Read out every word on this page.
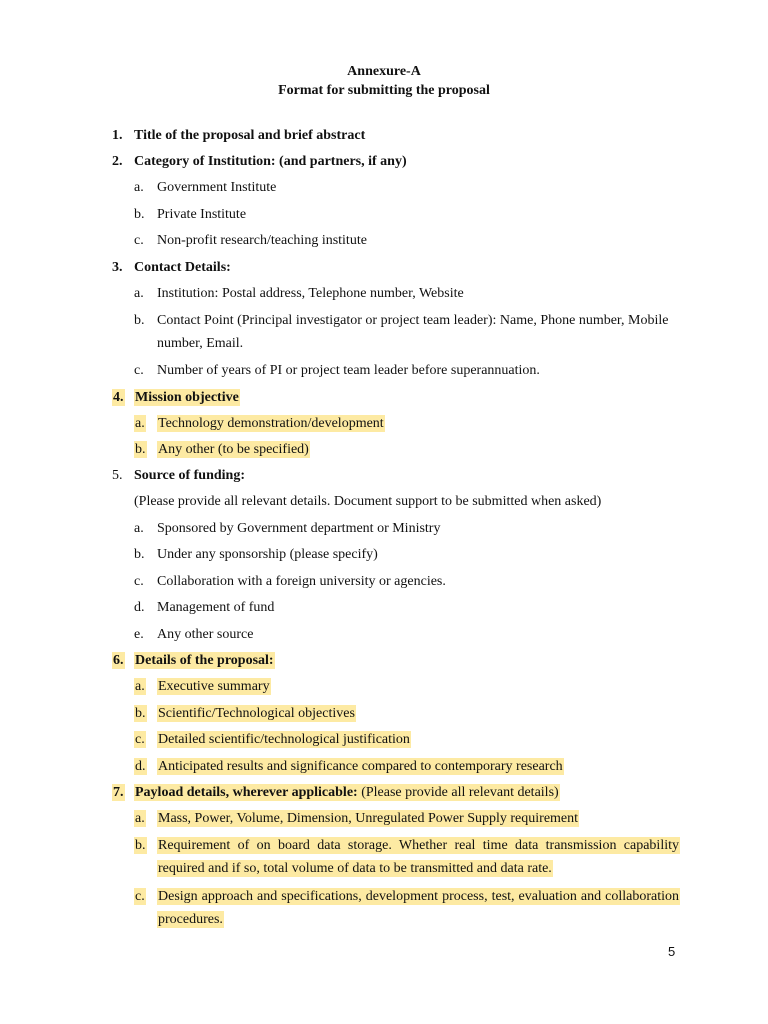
Annexure-A
Format for submitting the proposal
1. Title of the proposal and brief abstract
2. Category of Institution: (and partners, if any)
a. Government Institute
b. Private Institute
c. Non-profit research/teaching institute
3. Contact Details:
a. Institution: Postal address, Telephone number, Website
b. Contact Point (Principal investigator or project team leader): Name, Phone number, Mobile
number, Email.
c. Number of years of PI or project team leader before superannuation.
4. Mission objective
a. Technology demonstration/development
b. Any other (to be specified)
5. Source of funding:
(Please provide all relevant details. Document support to be submitted when asked)
a. Sponsored by Government department or Ministry
b. Under any sponsorship (please specify)
c. Collaboration with a foreign university or agencies.
d. Management of fund
e. Any other source
6. Details of the proposal:
a. Executive summary
b. Scientific/Technological objectives
c. Detailed scientific/technological justification
d. Anticipated results and significance compared to contemporary research
7. Payload details, wherever applicable: (Please provide all relevant details)
a. Mass, Power, Volume, Dimension, Unregulated Power Supply requirement
b. Requirement of on board data storage. Whether real time data transmission capability
required and if so, total volume of data to be transmitted and data rate.
c. Design approach and specifications, development process, test, evaluation and collaboration
procedures.
5
